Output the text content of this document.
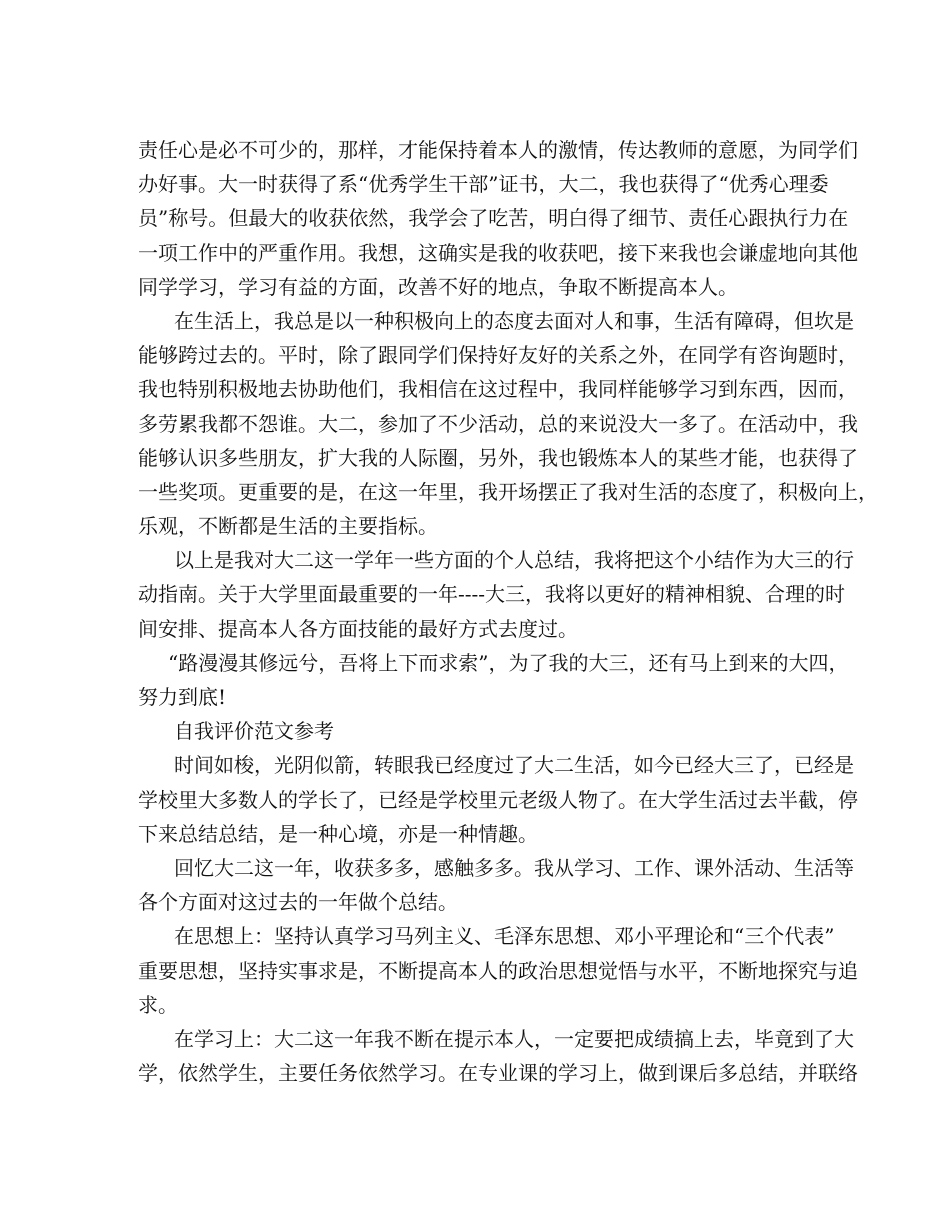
责任心是必不可少的，那样，才能保持着本人的激情，传达教师的意愿，为同学们

办好事。大一时获得了系“优秀学生干部”证书，大二，我也获得了“优秀心理委

员”称号。但最大的收获依然，我学会了吃苦，明白得了细节、责任心跟执行力在

一项工作中的严重作用。我想，这确实是我的收获吧，接下来我也会谦虚地向其他

同学学习，学习有益的方面，改善不好的地点，争取不断提高本人。

在生活上，我总是以一种积极向上的态度去面对人和事，生活有障碍，但坎是

能够跨过去的。平时，除了跟同学们保持好友好的关系之外，在同学有咨询题时，

我也特别积极地去协助他们，我相信在这过程中，我同样能够学习到东西，因而，

多劳累我都不怨谁。大二，参加了不少活动，总的来说没大一多了。在活动中，我

能够认识多些朋友，扩大我的人际圈，另外，我也锻炼本人的某些才能，也获得了

一些奖项。更重要的是，在这一年里，我开场摆正了我对生活的态度了，积极向上，

乐观，不断都是生活的主要指标。

以上是我对大二这一学年一些方面的个人总结，我将把这个小结作为大三的行

动指南。关于大学里面最重要的一年----大三，我将以更好的精神相貌、合理的时

间安排、提高本人各方面技能的最好方式去度过。

“路漫漫其修远兮，吾将上下而求索”，为了我的大三，还有马上到来的大四，

努力到底!

自我评价范文参考

时间如梭，光阴似箭，转眼我已经度过了大二生活，如今已经大三了，已经是

学校里大多数人的学长了，已经是学校里元老级人物了。在大学生活过去半截，停

下来总结总结，是一种心境，亦是一种情趣。

回忆大二这一年，收获多多，感触多多。我从学习、工作、课外活动、生活等

各个方面对这过去的一年做个总结。

在思想上：坚持认真学习马列主义、毛泽东思想、邓小平理论和“三个代表”

重要思想，坚持实事求是，不断提高本人的政治思想觉悟与水平，不断地探究与追

求。

在学习上：大二这一年我不断在提示本人，一定要把成绩搞上去，毕竟到了大

学，依然学生，主要任务依然学习。在专业课的学习上，做到课后多总结，并联络
